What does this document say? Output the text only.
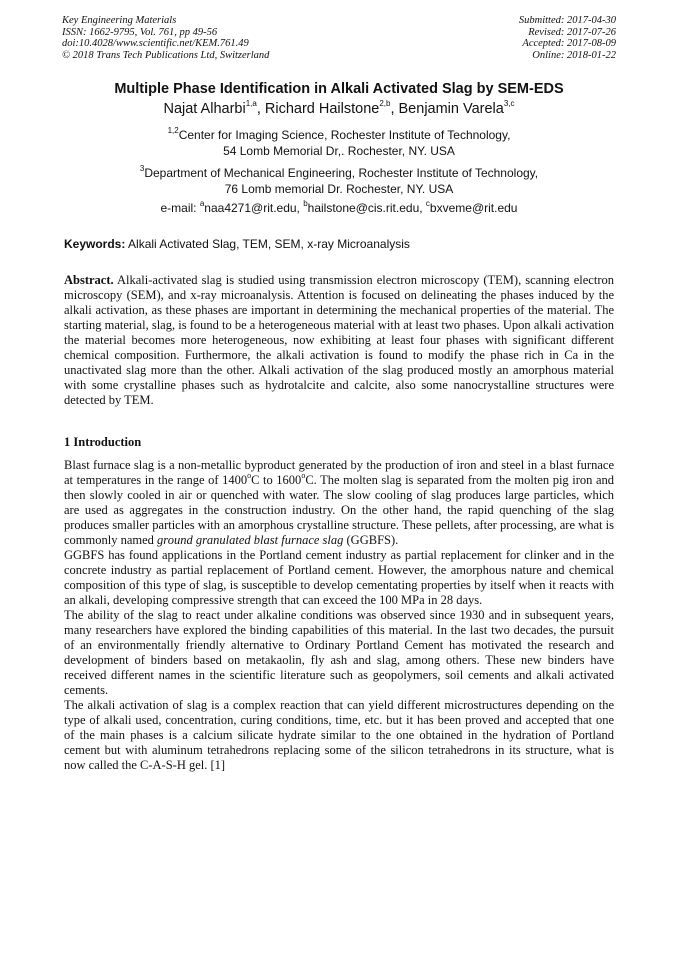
Key Engineering Materials
ISSN: 1662-9795, Vol. 761, pp 49-56
doi:10.4028/www.scientific.net/KEM.761.49
© 2018 Trans Tech Publications Ltd, Switzerland
Submitted: 2017-04-30
Revised: 2017-07-26
Accepted: 2017-08-09
Online: 2018-01-22
Multiple Phase Identification in Alkali Activated Slag by SEM-EDS
Najat Alharbi$^{1,a}$, Richard Hailstone$^{2,b}$, Benjamin Varela$^{3,c}$
$^{1,2}$Center for Imaging Science, Rochester Institute of Technology,
54 Lomb Memorial Dr,. Rochester, NY. USA
$^3$Department of Mechanical Engineering, Rochester Institute of Technology,
76 Lomb memorial Dr. Rochester, NY. USA
e-mail: $^a$naa4271@rit.edu, $^b$hailstone@cis.rit.edu, $^c$bxveme@rit.edu
Keywords: Alkali Activated Slag, TEM, SEM, x-ray Microanalysis

Abstract. Alkali-activated slag is studied using transmission electron microscopy (TEM), scanning electron microscopy (SEM), and x-ray microanalysis. Attention is focused on delineating the phases induced by the alkali activation, as these phases are important in determining the mechanical properties of the material. The starting material, slag, is found to be a heterogeneous material with at least two phases. Upon alkali activation the material becomes more heterogeneous, now exhibiting at least four phases with significant different chemical composition. Furthermore, the alkali activation is found to modify the phase rich in Ca in the unactivated slag more than the other. Alkali activation of the slag produced mostly an amorphous material with some crystalline phases such as hydrotalcite and calcite, also some nanocrystalline structures were detected by TEM.

1 Introduction

Blast furnace slag is a non-metallic byproduct generated by the production of iron and steel in a blast furnace at temperatures in the range of 1400$^o$C to 1600$^o$C. The molten slag is separated from the molten pig iron and then slowly cooled in air or quenched with water. The slow cooling of slag produces large particles, which are used as aggregates in the construction industry. On the other hand, the rapid quenching of the slag produces smaller particles with an amorphous crystalline structure. These pellets, after processing, are what is commonly named ground granulated blast furnace slag (GGBFS).

GGBFS has found applications in the Portland cement industry as partial replacement for clinker and in the concrete industry as partial replacement of Portland cement. However, the amorphous nature and chemical composition of this type of slag, is susceptible to develop cementating properties by itself when it reacts with an alkali, developing compressive strength that can exceed the 100 MPa in 28 days.

The ability of the slag to react under alkaline conditions was observed since 1930 and in subsequent years, many researchers have explored the binding capabilities of this material. In the last two decades, the pursuit of an environmentally friendly alternative to Ordinary Portland Cement has motivated the research and development of binders based on metakaolin, fly ash and slag, among others. These new binders have received different names in the scientific literature such as geopolymers, soil cements and alkali activated cements.

The alkali activation of slag is a complex reaction that can yield different microstructures depending on the type of alkali used, concentration, curing conditions, time, etc. but it has been proved and accepted that one of the main phases is a calcium silicate hydrate similar to the one obtained in the hydration of Portland cement but with aluminum tetrahedrons replacing some of the silicon tetrahedrons in its structure, what is now called the C-A-S-H gel. [1]
